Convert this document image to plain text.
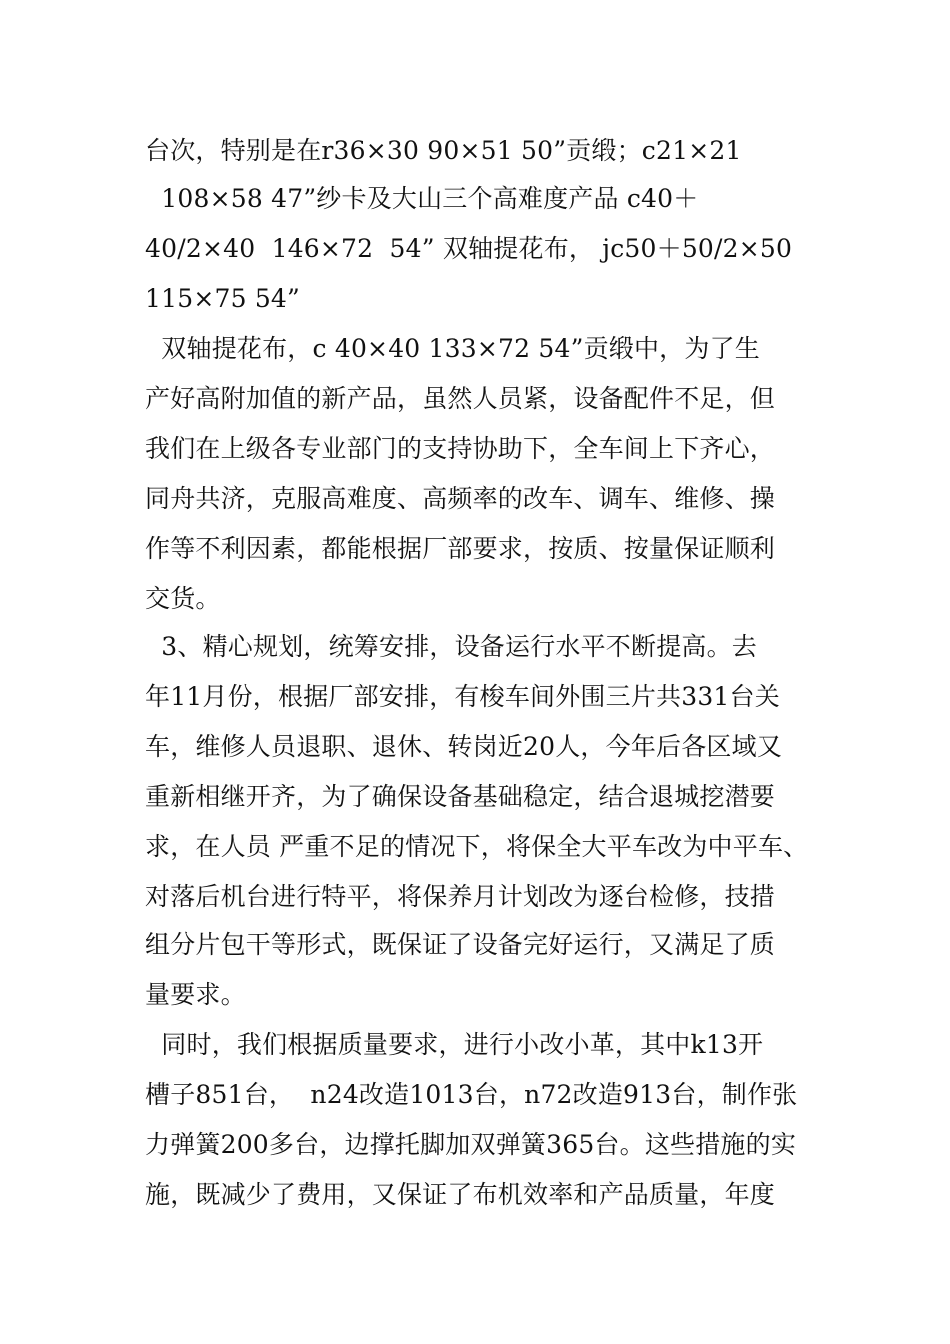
台次，特别是在r36×30 90×51 50”贡缎；c21×21
108×58 47”纱卡及大山三个高难度产品 c40＋
40/2×40  146×72  54” 双轴提花布， jc50＋50/2×50
115×75 54”
双轴提花布，c 40×40 133×72 54”贡缎中，为了生
产好高附加值的新产品，虽然人员紧，设备配件不足，但
我们在上级各专业部门的支持协助下，全车间上下齐心，
同舟共济，克服高难度、高频率的改车、调车、维修、操
作等不利因素，都能根据厂部要求，按质、按量保证顺利
交货。
3、精心规划，统筹安排，设备运行水平不断提高。去
年11月份，根据厂部安排，有梭车间外围三片共331台关
车，维修人员退职、退休、转岗近20人，今年后各区域又
重新相继开齐，为了确保设备基础稳定，结合退城挖潜要
求，在人员 严重不足的情况下，将保全大平车改为中平车、
对落后机台进行特平，将保养月计划改为逐台检修，技措
组分片包干等形式，既保证了设备完好运行，又满足了质
量要求。
同时，我们根据质量要求，进行小改小革，其中k13开
槽子851台，  n24改造1013台，n72改造913台，制作张
力弹簧200多台，边撑托脚加双弹簧365台。这些措施的实
施，既减少了费用，又保证了布机效率和产品质量，年度
